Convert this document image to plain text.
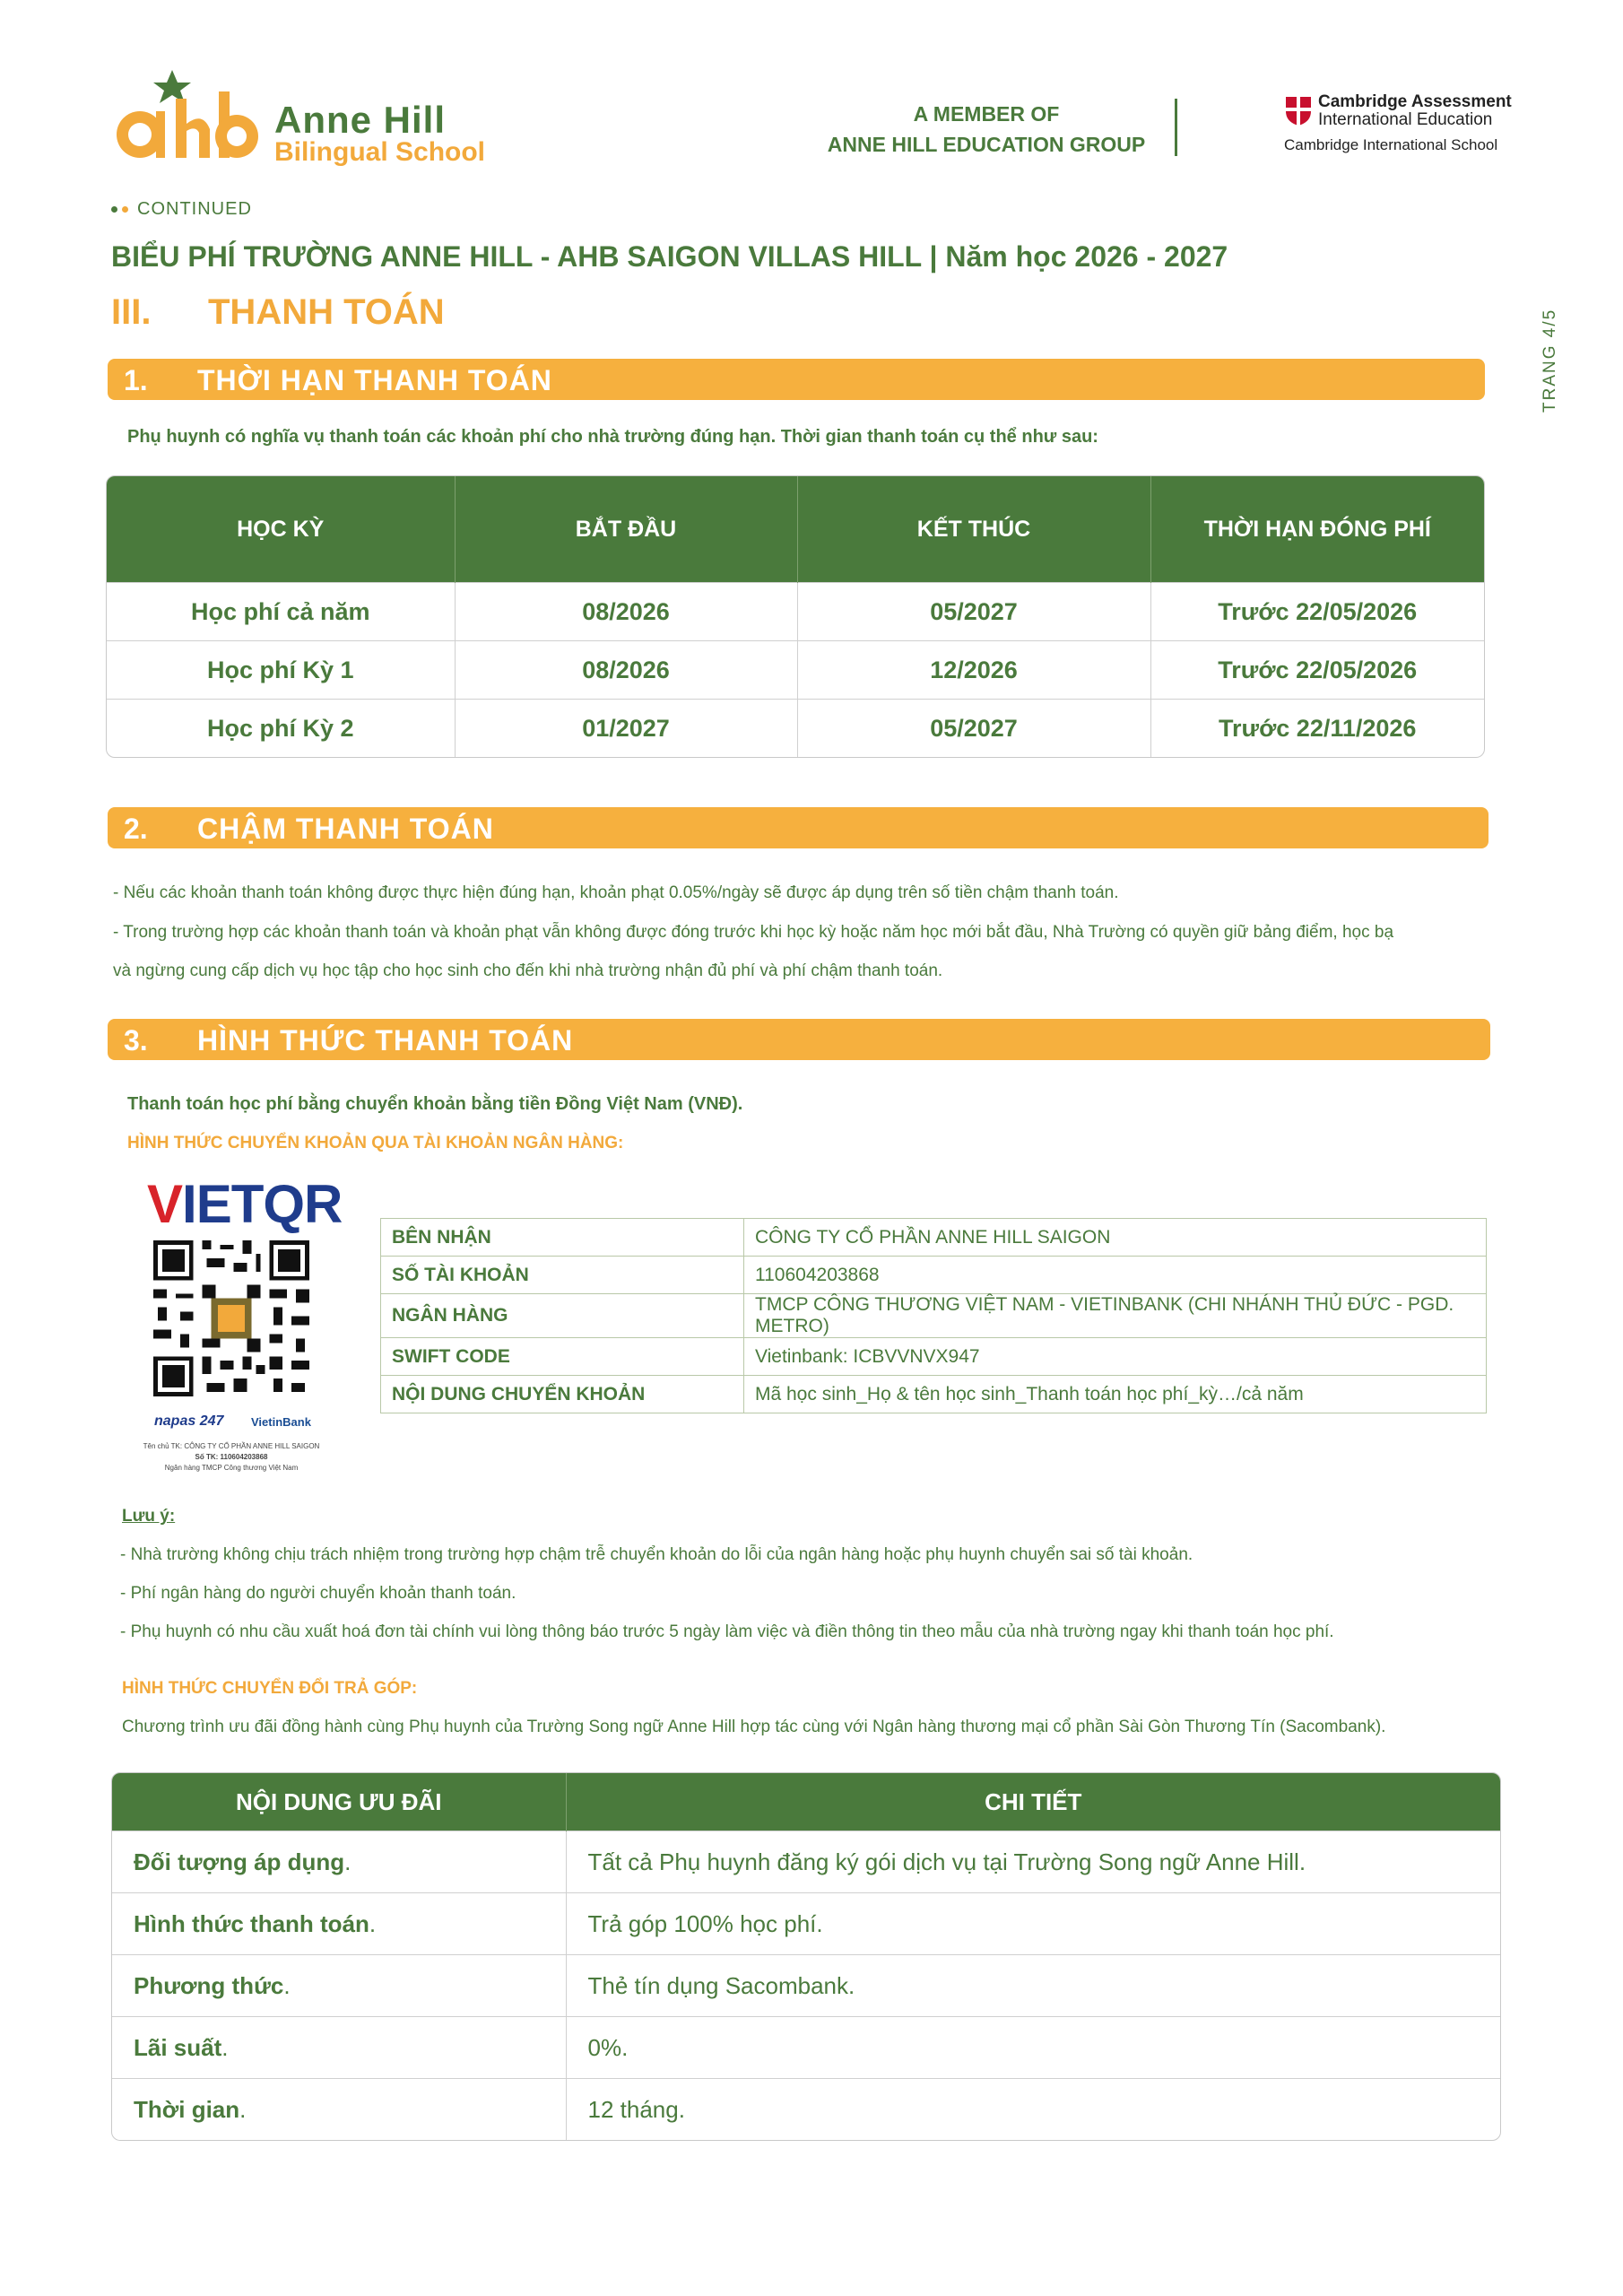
Anne Hill
Bilingual School
A MEMBER OF
ANNE HILL EDUCATION GROUP
Cambridge Assessment
International Education
Cambridge International School
CONTINUED
BIỂU PHÍ TRƯỜNG ANNE HILL - AHB SAIGON VILLAS HILL | Năm học 2026 - 2027
III. THANH TOÁN	TRANG 4/5
1. THỜI HẠN THANH TOÁN
Phụ huynh có nghĩa vụ thanh toán các khoản phí cho nhà trường đúng hạn. Thời gian thanh toán cụ thể như sau:
HỌC KỲ	BẮT ĐẦU	KẾT THÚC	THỜI HẠN ĐÓNG PHÍ
Học phí cả năm	08/2026	05/2027	Trước 22/05/2026
Học phí Kỳ 1	08/2026	12/2026	Trước 22/05/2026
Học phí Kỳ 2	01/2027	05/2027	Trước 22/11/2026
2. CHẬM THANH TOÁN
- Nếu các khoản thanh toán không được thực hiện đúng hạn, khoản phạt 0.05%/ngày sẽ được áp dụng trên số tiền chậm thanh toán.
- Trong trường hợp các khoản thanh toán và khoản phạt vẫn không được đóng trước khi học kỳ hoặc năm học mới bắt đầu, Nhà Trường có quyền giữ bảng điểm, học bạ
và ngừng cung cấp dịch vụ học tập cho học sinh cho đến khi nhà trường nhận đủ phí và phí chậm thanh toán.
3. HÌNH THỨC THANH TOÁN
Thanh toán học phí bằng chuyển khoản bằng tiền Đồng Việt Nam (VNĐ).
HÌNH THỨC CHUYỂN KHOẢN QUA TÀI KHOẢN NGÂN HÀNG:
VIETQR
napas 247 VietinBank
Tên chủ TK: CÔNG TY CỔ PHẦN ANNE HILL SAIGON
Số TK: 110604203868
Ngân hàng TMCP Công thương Việt Nam
BÊN NHẬN	CÔNG TY CỔ PHẦN ANNE HILL SAIGON
SỐ TÀI KHOẢN	110604203868
NGÂN HÀNG	TMCP CÔNG THƯƠNG VIỆT NAM - VIETINBANK (CHI NHÁNH THỦ ĐỨC - PGD. METRO)
SWIFT CODE	Vietinbank: ICBVVNVX947
NỘI DUNG CHUYỂN KHOẢN	Mã học sinh_Họ & tên học sinh_Thanh toán học phí_kỳ…/cả năm
Lưu ý:
- Nhà trường không chịu trách nhiệm trong trường hợp chậm trễ chuyển khoản do lỗi của ngân hàng hoặc phụ huynh chuyển sai số tài khoản.
- Phí ngân hàng do người chuyển khoản thanh toán.
- Phụ huynh có nhu cầu xuất hoá đơn tài chính vui lòng thông báo trước 5 ngày làm việc và điền thông tin theo mẫu của nhà trường ngay khi thanh toán học phí.
HÌNH THỨC CHUYỂN ĐỔI TRẢ GÓP:
Chương trình ưu đãi đồng hành cùng Phụ huynh của Trường Song ngữ Anne Hill hợp tác cùng với Ngân hàng thương mại cổ phần Sài Gòn Thương Tín (Sacombank).
NỘI DUNG ƯU ĐÃI	CHI TIẾT
Đối tượng áp dụng.	Tất cả Phụ huynh đăng ký gói dịch vụ tại Trường Song ngữ Anne Hill.
Hình thức thanh toán.	Trả góp 100% học phí.
Phương thức.	Thẻ tín dụng Sacombank.
Lãi suất.	0%.
Thời gian.	12 tháng.
